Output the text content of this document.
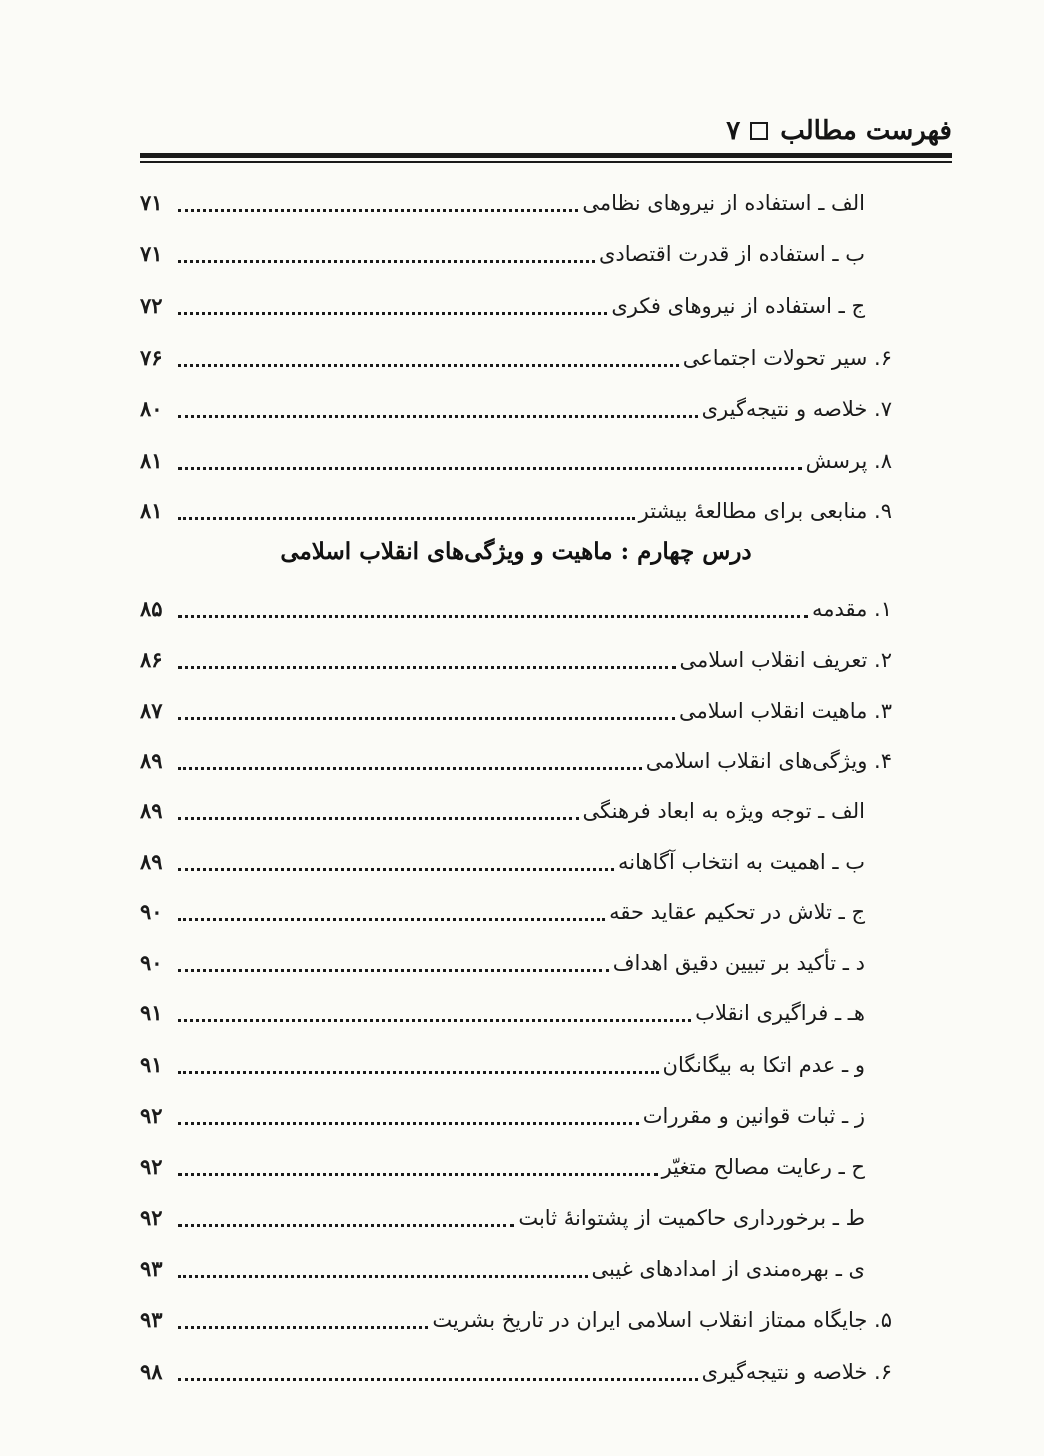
فهرست مطالب
۷
الف ـ استفاده از نیروهای نظامی
۷۱
ب ـ استفاده از قدرت اقتصادی
۷۱
ج ـ استفاده از نیروهای فکری
۷۲
۶. سیر تحولات اجتماعی
۷۶
۷. خلاصه و نتیجه‌گیری
۸۰
۸. پرسش
۸۱
۹. منابعی برای مطالعهٔ بیشتر
۸۱
درس چهارم : ماهیت و ویژگی‌های انقلاب اسلامی
۱. مقدمه
۸۵
۲. تعریف انقلاب اسلامی
۸۶
۳. ماهیت انقلاب اسلامی
۸۷
۴. ویژگی‌های انقلاب اسلامی
۸۹
الف ـ توجه ویژه به ابعاد فرهنگی
۸۹
ب ـ اهمیت به انتخاب آگاهانه
۸۹
ج ـ تلاش در تحکیم عقاید حقه
۹۰
د ـ تأکید بر تبیین دقیق اهداف
۹۰
هـ ـ فراگیری انقلاب
۹۱
و ـ عدم اتکا به بیگانگان
۹۱
ز ـ ثبات قوانین و مقررات
۹۲
ح ـ رعایت مصالح متغیّر
۹۲
ط ـ برخورداری حاکمیت از پشتوانهٔ ثابت
۹۲
ی ـ بهره‌مندی از امدادهای غیبی
۹۳
۵. جایگاه ممتاز انقلاب اسلامی ایران در تاریخ بشریت
۹۳
۶. خلاصه و نتیجه‌گیری
۹۸
